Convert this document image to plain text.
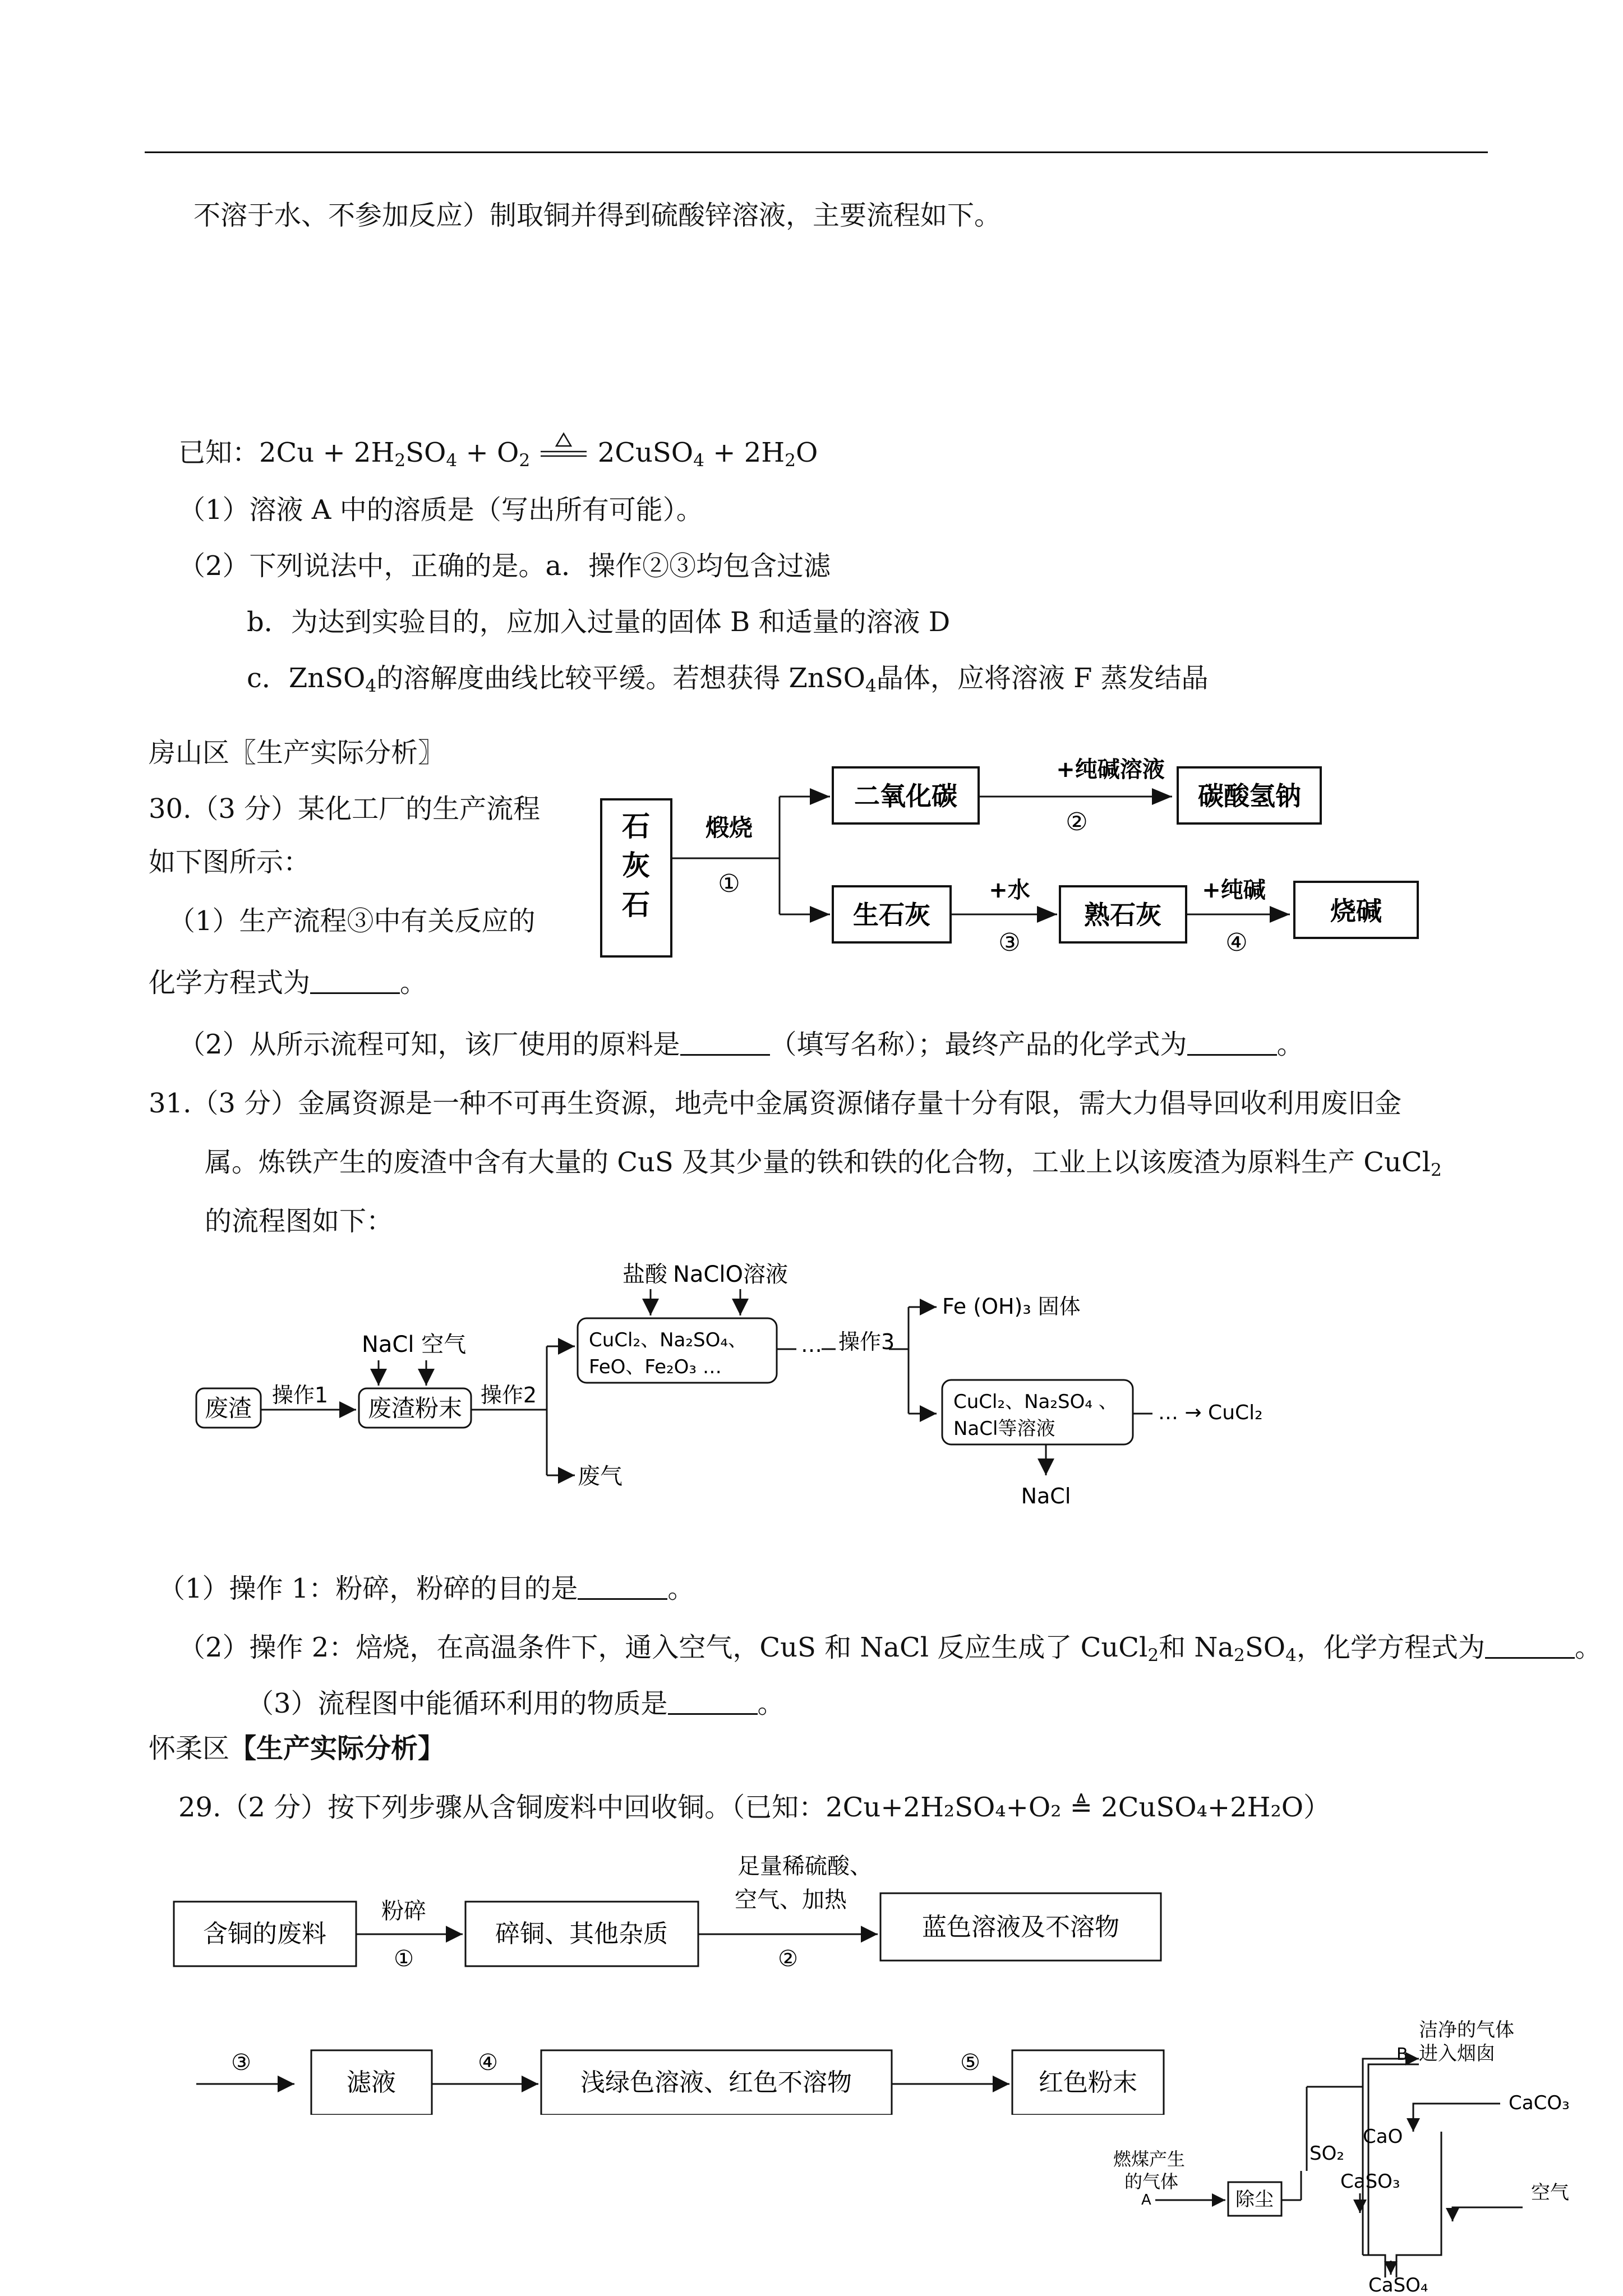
不溶于水、不参加反应）制取铜并得到硫酸锌溶液，主要流程如下。
已知：$2Cu + 2H_2SO_4 + O_2$	2CuSO$_4$ + $2H_2O$
（1）溶液 A 中的溶质是（写出所有可能）。
（2）下列说法中，正确的是。a．操作②③均包含过滤
b．为达到实验目的，应加入过量的固体 B 和适量的溶液 D
c．ZnSO$_4$的溶解度曲线比较平缓。若想获得 ZnSO$_4$晶体，应将溶液 F 蒸发结晶
房山区〖生产实际分析〗
30.（3 分）某化工厂的生产流程
如下图所示：
（1）生产流程③中有关反应的
化学方程式为	。
（2）从所示流程可知，该厂使用的原料是	（填写名称）；最终产品的化学式为	。
石
灰
石
煅烧
①
二氧化碳
+纯碱溶液
②
碳酸氢钠
生石灰
+水
③
熟石灰
+纯碱
④
烧碱
31.（3 分）金属资源是一种不可再生资源，地壳中金属资源储存量十分有限，需大力倡导回收利用废旧金
属。炼铁产生的废渣中含有大量的 CuS 及其少量的铁和铁的化合物，工业上以该废渣为原料生产 CuCl$_2$
的流程图如下：
盐酸 NaClO溶液
NaCl 空气
废渣 操作1 废渣粉末 操作2
废气
CuCl₂、Na₂SO₄、
FeO、Fe₂O₃ …
… 操作3
Fe (OH)₃ 固体
CuCl₂、Na₂SO₄ 、
NaCl等溶液
… → CuCl₂
NaCl
（1）操作 1：粉碎，粉碎的目的是	。
（2）操作 2：焙烧，在高温条件下，通入空气，CuS 和 NaCl 反应生成了 CuCl$_2$和 $Na_2SO_4$，化学方程式为	。
（3）流程图中能循环利用的物质是	。
怀柔区【生产实际分析】
29.（2 分）按下列步骤从含铜废料中回收铜。（已知：2Cu+2H₂SO₄+O₂ ≜ 2CuSO₄+2H₂O）
含铜的废料
粉碎
①
碎铜、其他杂质
足量稀硫酸、
空气、加热
②
蓝色溶液及不溶物
③
滤液
④
浅绿色溶液、红色不溶物
⑤
红色粉末
洁净的气体
进入烟囱
B
CaCO₃
CaO
SO₂
CaSO₃
燃煤产生
的气体
A	除尘	空气
CaSO₄
